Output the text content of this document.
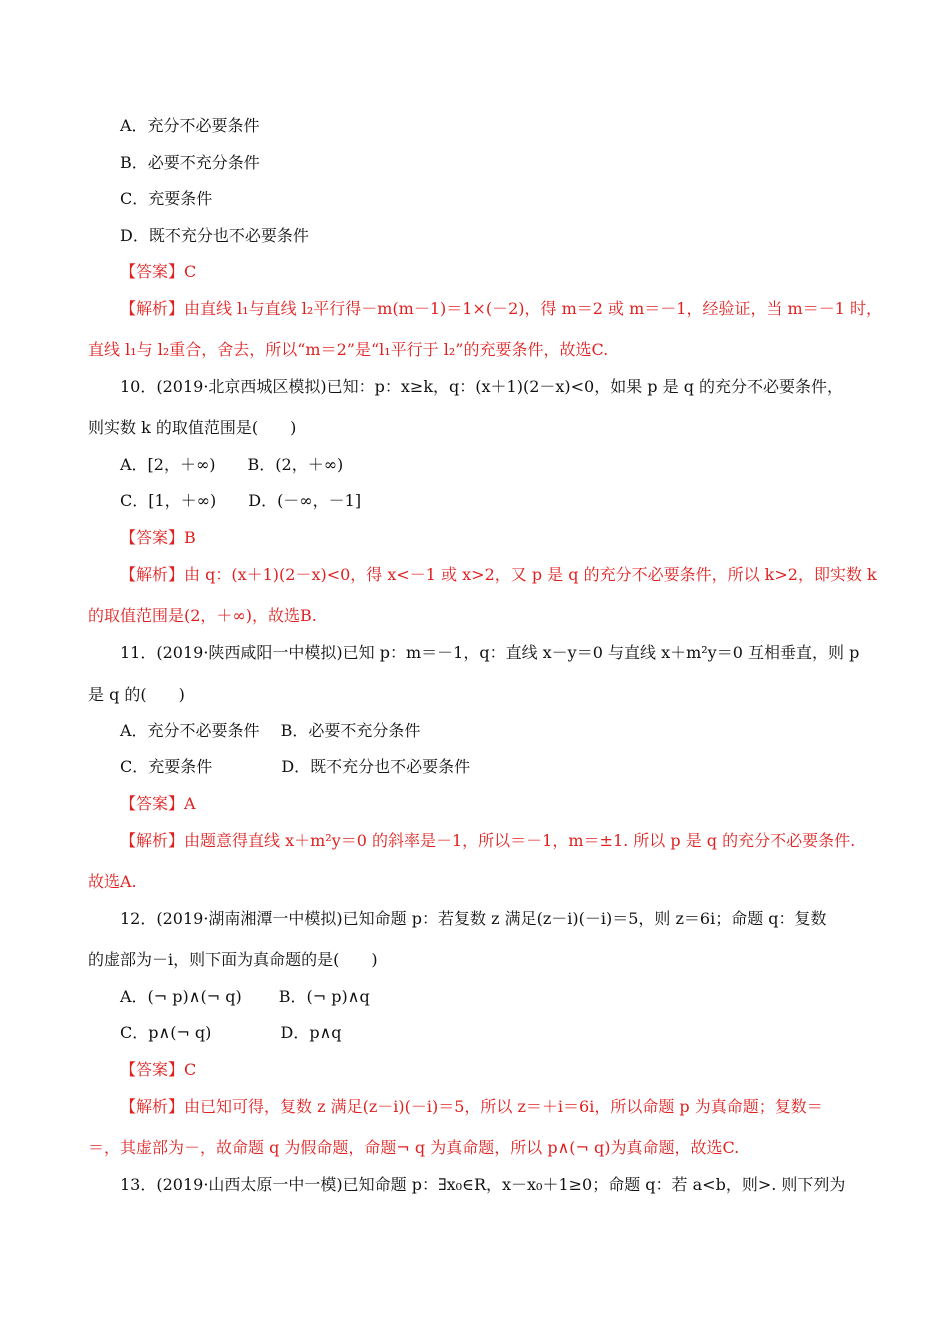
A．充分不必要条件
B．必要不充分条件
C．充要条件
D．既不充分也不必要条件
【答案】C
【解析】由直线 l₁与直线 l₂平行得－m(m－1)＝1×(－2)，得 m＝2 或 m＝－1，经验证，当 m＝－1 时，
直线 l₁与 l₂重合，舍去，所以“m＝2”是“l₁平行于 l₂”的充要条件，故选C.
10．(2019·北京西城区模拟)已知：p：x≥k，q：(x＋1)(2－x)<0，如果 p 是 q 的充分不必要条件，
则实数 k 的取值范围是(　　)
A．[2，＋∞)　　B．(2，＋∞)
C．[1，＋∞)　　D．(－∞，－1]
【答案】B
【解析】由 q：(x＋1)(2－x)<0，得 x<－1 或 x>2，又 p 是 q 的充分不必要条件，所以 k>2，即实数 k
的取值范围是(2，＋∞)，故选B.
11．(2019·陕西咸阳一中模拟)已知 p：m＝－1，q：直线 x－y＝0 与直线 x＋m²y＝0 互相垂直，则 p
是 q 的(　　)
A．充分不必要条件　 B．必要不充分条件
C．充要条件　　　　 D．既不充分也不必要条件
【答案】A
【解析】由题意得直线 x＋m²y＝0 的斜率是－1，所以＝－1，m＝±1. 所以 p 是 q 的充分不必要条件.
故选A.
12．(2019·湖南湘潭一中模拟)已知命题 p：若复数 z 满足(z－i)(－i)＝5，则 z＝6i；命题 q：复数
的虚部为－i，则下面为真命题的是(　　)
A．(¬ p)∧(¬ q)　　 B．(¬ p)∧q
C．p∧(¬ q)　　　　 D．p∧q
【答案】C
【解析】由已知可得，复数 z 满足(z－i)(－i)＝5，所以 z＝＋i＝6i，所以命题 p 为真命题；复数＝
＝，其虚部为－，故命题 q 为假命题，命题¬ q 为真命题，所以 p∧(¬ q)为真命题，故选C.
13．(2019·山西太原一中一模)已知命题 p：∃x₀∈R，x－x₀＋1≥0；命题 q：若 a<b，则>. 则下列为
